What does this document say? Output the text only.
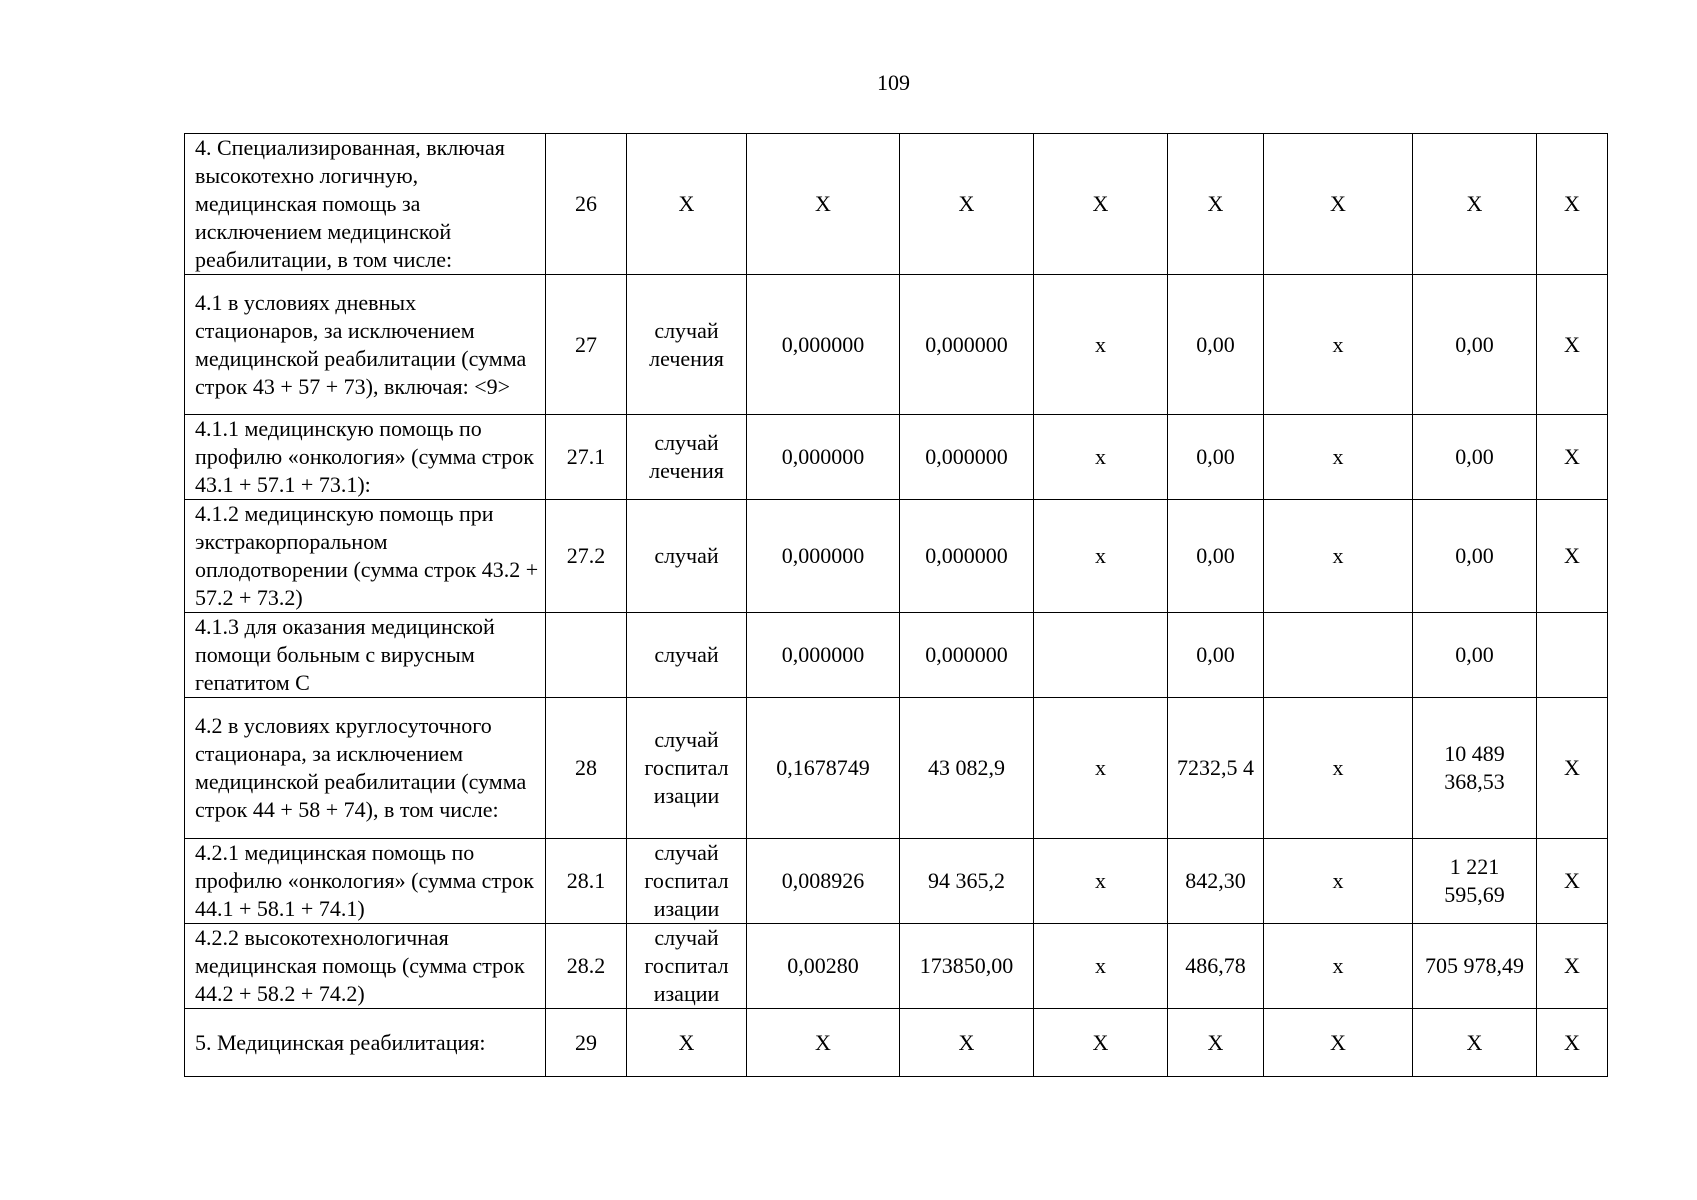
109
4. Специализированная, включая высокотехно логичную, медицинская помощь за исключением медицинской реабилитации, в том числе:	26	Х	Х	Х	Х	Х	Х	Х	Х
4.1 в условиях дневных стационаров, за исключением медицинской реабилитации (сумма строк 43 + 57 + 73), включая: <9>	27	случай лечения	0,000000	0,000000	х	0,00	х	0,00	Х
4.1.1 медицинскую помощь по профилю «онкология» (сумма строк 43.1 + 57.1 + 73.1):	27.1	случай лечения	0,000000	0,000000	х	0,00	х	0,00	Х
4.1.2 медицинскую помощь при экстракорпоральном оплодотворении (сумма строк 43.2 + 57.2 + 73.2)	27.2	случай	0,000000	0,000000	х	0,00	х	0,00	Х
4.1.3 для оказания медицинской помощи больным с вирусным гепатитом С		случай	0,000000	0,000000		0,00		0,00	
4.2 в условиях круглосуточного стационара, за исключением медицинской реабилитации (сумма строк 44 + 58 + 74), в том числе:	28	случай госпитал изации	0,1678749	43 082,9	х	7232,5 4	х	10 489 368,53	Х
4.2.1 медицинская помощь по профилю «онкология» (сумма строк 44.1 + 58.1 + 74.1)	28.1	случай госпитал изации	0,008926	94 365,2	х	842,30	х	1 221 595,69	Х
4.2.2 высокотехнологичная медицинская помощь (сумма строк 44.2 + 58.2 + 74.2)	28.2	случай госпитал изации	0,00280	173850,00	х	486,78	х	705 978,49	Х
5. Медицинская реабилитация:	29	Х	Х	Х	Х	Х	Х	Х	Х
